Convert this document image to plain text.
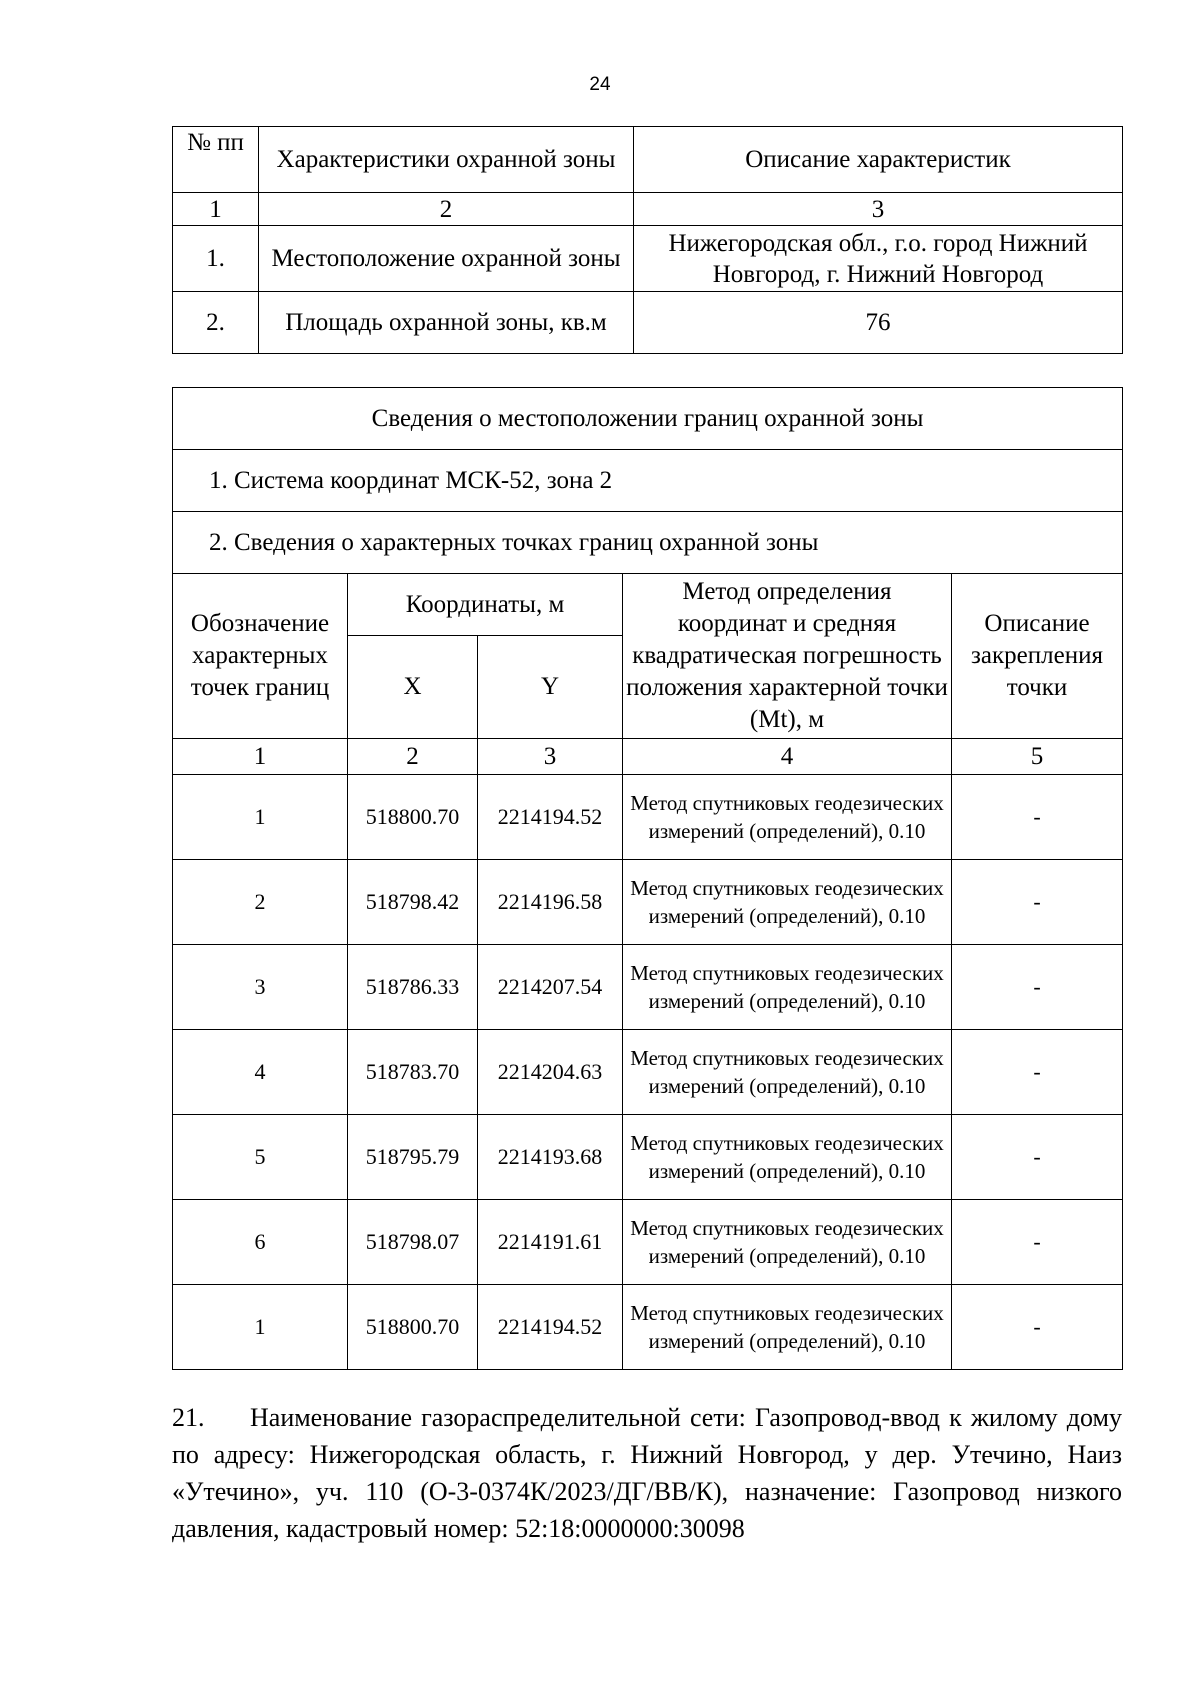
24
№ пп	Характеристики охранной зоны	Описание характеристик
1	2	3
1.	Местоположение охранной зоны	Нижегородская обл., г.о. город Нижний Новгород, г. Нижний Новгород
2.	Площадь охранной зоны, кв.м	76
Сведения о местоположении границ охранной зоны				
1. Система координат МСК-52, зона 2				
2. Сведения о характерных точках границ охранной зоны				
Обозначение характерных точек границ	Координаты, м		Метод определения координат и средняя квадратическая погрешность положения характерной точки (Mt), м	Описание закрепления точки
	X	Y		
1	2	3	4	5
1	518800.70	2214194.52	Метод спутниковых геодезических измерений (определений), 0.10	-
2	518798.42	2214196.58	Метод спутниковых геодезических измерений (определений), 0.10	-
3	518786.33	2214207.54	Метод спутниковых геодезических измерений (определений), 0.10	-
4	518783.70	2214204.63	Метод спутниковых геодезических измерений (определений), 0.10	-
5	518795.79	2214193.68	Метод спутниковых геодезических измерений (определений), 0.10	-
6	518798.07	2214191.61	Метод спутниковых геодезических измерений (определений), 0.10	-
1	518800.70	2214194.52	Метод спутниковых геодезических измерений (определений), 0.10	-
21. Наименование газораспределительной сети: Газопровод-ввод к жилому дому по адресу: Нижегородская область, г. Нижний Новгород, у дер. Утечино, Наиз «Утечино», уч. 110 (О-3-0374К/2023/ДГ/ВВ/К), назначение: Газопровод низкого давления, кадастровый номер: 52:18:0000000:30098
